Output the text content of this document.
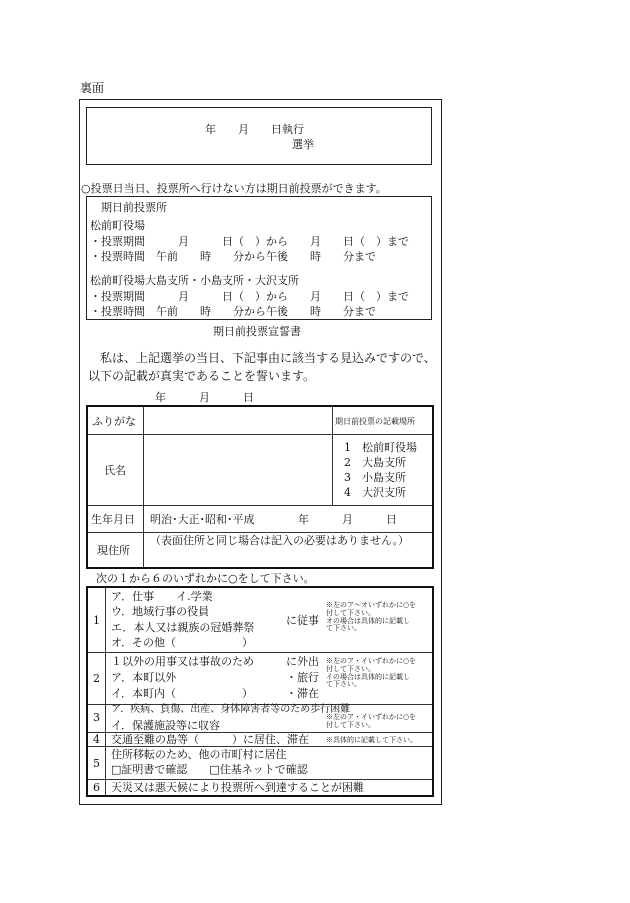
裏面
年　　月　　日執行
選挙
○投票日当日、投票所へ行けない方は期日前投票ができます。
期日前投票所
松前町役場
・投票期間　　　月　　　日（　）から　　月　　日（　）まで
・投票時間　午前　　時　　分から午後　　時　　分まで
松前町役場大島支所・小島支所・大沢支所
・投票期間　　　月　　　日（　）から　　月　　日（　）まで
・投票時間　午前　　時　　分から午後　　時　　分まで
期日前投票宣誓書
私は、上記選挙の当日、下記事由に該当する見込みですので、
以下の記載が真実であることを誓います。
年　　　月　　　日
ふりがな	期日前投票の記載場所
氏名
1　松前町役場
2　大島支所
3　小島支所
4　大沢支所
生年月日 明治･大正･昭和･平成	年　　　月　　　日
現住所
（表面住所と同じ場合は記入の必要はありません。）
次の１から６のいずれかに○をして下さい。
1
ア．仕事　　イ.学業
ウ．地域行事の役員
エ．本人又は親族の冠婚葬祭
オ．その他（　　　　　　）
に従事
※左のア～オいずれかに○を
付して下さい。
オの場合は具体的に記載し
て下さい。
2
１以外の用事又は事故のため
ア．本町以外
イ．本町内（　　　　　　）
に外出
・旅行
・滞在
※左のア・イいずれかに○を
付して下さい。
イの場合は具体的に記載し
て下さい。
3
ア．疾病、負傷、出産、身体障害者等のため歩行困難
イ．保護施設等に収容
※左のア・イいずれかに○を
付して下さい。
4 交通至難の島等（　　　）に居住、滞在 ※具体的に記載して下さい。
5
住所移転のため、他の市町村に居住
□証明書で確認　　□住基ネットで確認
6 天災又は悪天候により投票所へ到達することが困難
